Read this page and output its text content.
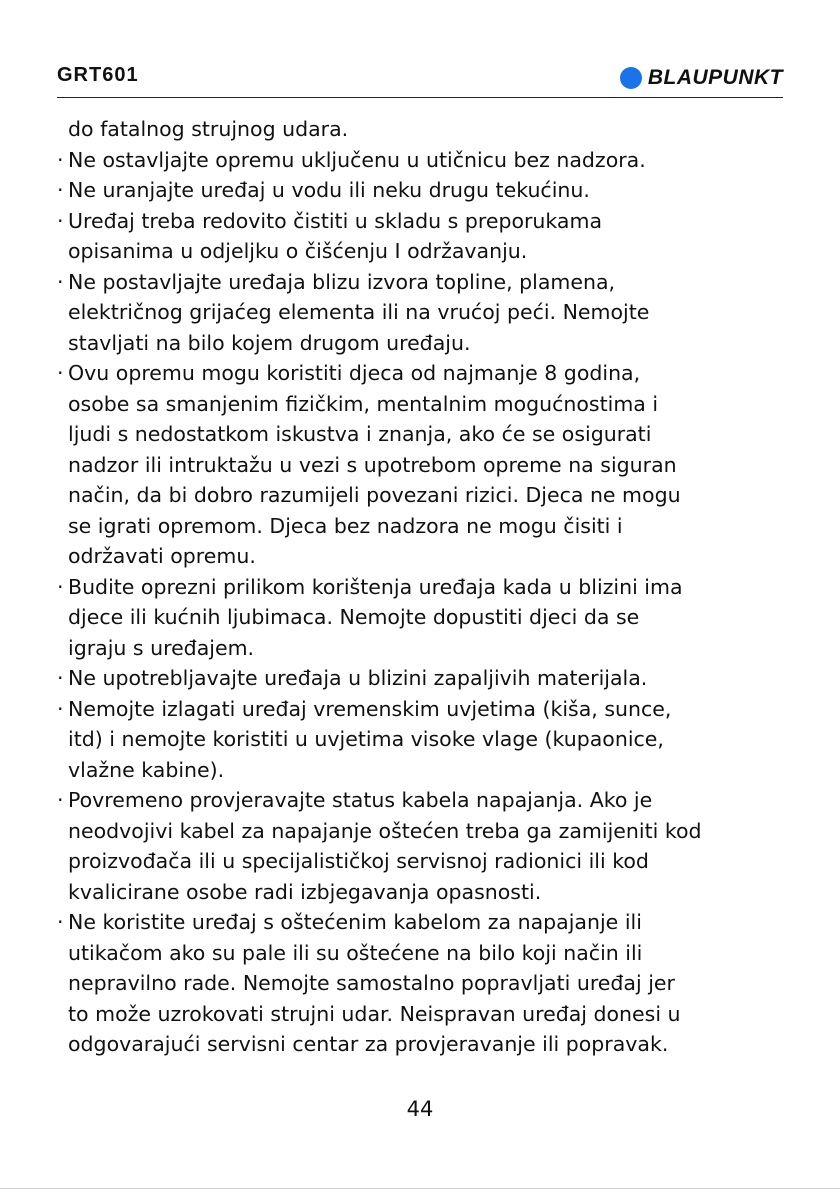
GRT601	BLAUPUNKT
do fatalnog strujnog udara.
· Ne ostavljajte opremu uključenu u utičnicu bez nadzora.
· Ne uranjajte uređaj u vodu ili neku drugu tekućinu.
· Uređaj treba redovito čistiti u skladu s preporukama
opisanima u odjeljku o čišćenju I održavanju.
· Ne postavljajte uređaja blizu izvora topline, plamena,
električnog grijaćeg elementa ili na vrućoj peći. Nemojte
stavljati na bilo kojem drugom uređaju.
· Ovu opremu mogu koristiti djeca od najmanje 8 godina,
osobe sa smanjenim fizičkim, mentalnim mogućnostima i
ljudi s nedostatkom iskustva i znanja, ako će se osigurati
nadzor ili intruktažu u vezi s upotrebom opreme na siguran
način, da bi dobro razumijeli povezani rizici. Djeca ne mogu
se igrati opremom. Djeca bez nadzora ne mogu čisiti i
održavati opremu.
· Budite oprezni prilikom korištenja uređaja kada u blizini ima
djece ili kućnih ljubimaca. Nemojte dopustiti djeci da se
igraju s uređajem.
· Ne upotrebljavajte uređaja u blizini zapaljivih materijala.
· Nemojte izlagati uređaj vremenskim uvjetima (kiša, sunce,
itd) i nemojte koristiti u uvjetima visoke vlage (kupaonice,
vlažne kabine).
· Povremeno provjeravajte status kabela napajanja. Ako je
neodvojivi kabel za napajanje oštećen treba ga zamijeniti kod
proizvođača ili u specijalističkoj servisnoj radionici ili kod
kvalicirane osobe radi izbjegavanja opasnosti.
· Ne koristite uređaj s oštećenim kabelom za napajanje ili
utikačom ako su pale ili su oštećene na bilo koji način ili
nepravilno rade. Nemojte samostalno popravljati uređaj jer
to može uzrokovati strujni udar. Neispravan uređaj donesi u
odgovarajući servisni centar za provjeravanje ili popravak.
44
